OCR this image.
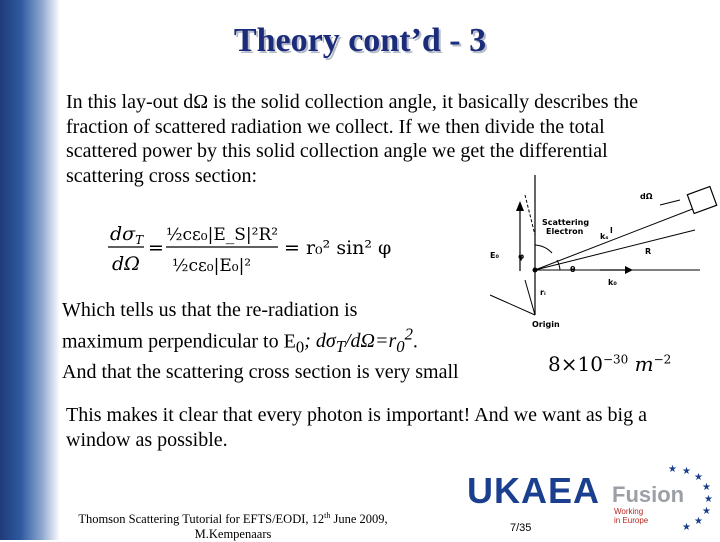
Theory cont’d - 3
In this lay-out dΩ is the solid collection angle, it basically describes the fraction of scattered radiation we collect. If we then divide the total scattered power by this solid collection angle we get the differential scattering cross section:
$d\sigma_T$
dΩ
=
½cε₀|E_S|²R²
½cε₀|E₀|²
= r₀² sin² φ
dΩ
Scattering
Electron
E₀ φ
θ
kₛ
R
k₀
rᵢ
Origin
l
Which tells us that the re-radiation is
maximum perpendicular to $E_0$; $d\sigma_T/d\Omega=r_0^2$.
And that the scattering cross section is very small	$8\times 10^{-30}$ $m^{-2}$
This makes it clear that every photon is important! And we want as big a window as possible.
Thomson Scattering Tutorial for EFTS/EODI, 12th June 2009,
M.Kempenaars
UKAEA
★ ★
★
★
★
★
★
★
Fusion
Working
in Europe
7/35
